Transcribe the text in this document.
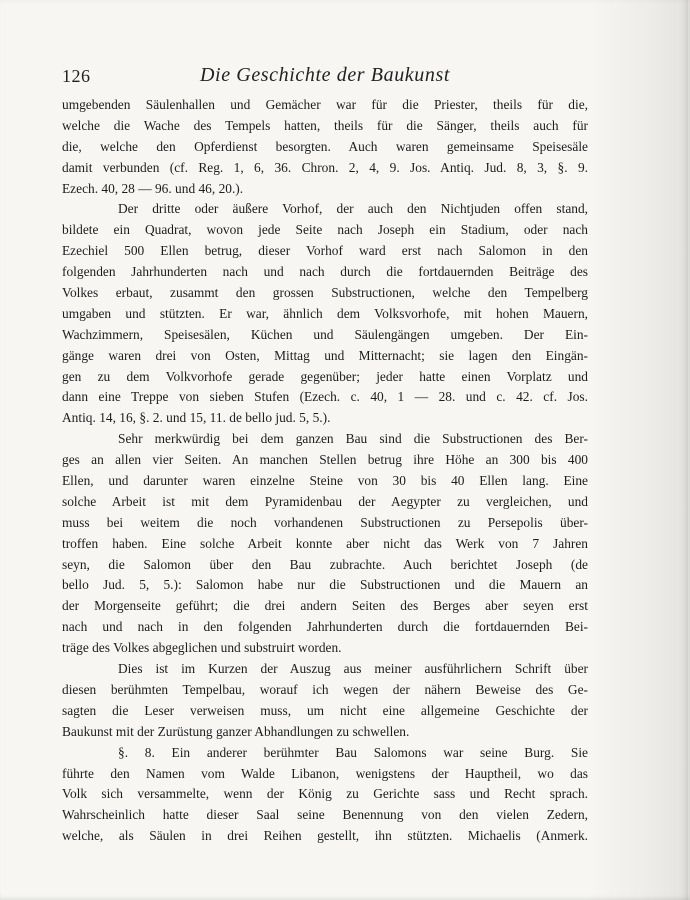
126	Die Geschichte der Baukunst
umgebenden Säulenhallen und Gemächer war für die Priester, theils für die,
welche die Wache des Tempels hatten, theils für die Sänger, theils auch für
die, welche den Opferdienst besorgten. Auch waren gemeinsame Speisesäle
damit verbunden (cf. Reg. 1, 6, 36. Chron. 2, 4, 9. Jos. Antiq. Jud. 8, 3, §. 9.
Ezech. 40, 28 — 96. und 46, 20.).
Der dritte oder äußere Vorhof, der auch den Nichtjuden offen stand,
bildete ein Quadrat, wovon jede Seite nach Joseph ein Stadium, oder nach
Ezechiel 500 Ellen betrug, dieser Vorhof ward erst nach Salomon in den
folgenden Jahrhunderten nach und nach durch die fortdauernden Beiträge des
Volkes erbaut, zusammt den grossen Substructionen, welche den Tempelberg
umgaben und stützten. Er war, ähnlich dem Volksvorhofe, mit hohen Mauern,
Wachzimmern, Speisesälen, Küchen und Säulengängen umgeben. Der Ein-
gänge waren drei von Osten, Mittag und Mitternacht; sie lagen den Eingän-
gen zu dem Volkvorhofe gerade gegenüber; jeder hatte einen Vorplatz und
dann eine Treppe von sieben Stufen (Ezech. c. 40, 1 — 28. und c. 42. cf. Jos.
Antiq. 14, 16, §. 2. und 15, 11. de bello jud. 5, 5.).
Sehr merkwürdig bei dem ganzen Bau sind die Substructionen des Ber-
ges an allen vier Seiten. An manchen Stellen betrug ihre Höhe an 300 bis 400
Ellen, und darunter waren einzelne Steine von 30 bis 40 Ellen lang. Eine
solche Arbeit ist mit dem Pyramidenbau der Aegypter zu vergleichen, und
muss bei weitem die noch vorhandenen Substructionen zu Persepolis über-
troffen haben. Eine solche Arbeit konnte aber nicht das Werk von 7 Jahren
seyn, die Salomon über den Bau zubrachte. Auch berichtet Joseph (de
bello Jud. 5, 5.): Salomon habe nur die Substructionen und die Mauern an
der Morgenseite geführt; die drei andern Seiten des Berges aber seyen erst
nach und nach in den folgenden Jahrhunderten durch die fortdauernden Bei-
träge des Volkes abgeglichen und substruirt worden.
Dies ist im Kurzen der Auszug aus meiner ausführlichern Schrift über
diesen berühmten Tempelbau, worauf ich wegen der nähern Beweise des Ge-
sagten die Leser verweisen muss, um nicht eine allgemeine Geschichte der
Baukunst mit der Zurüstung ganzer Abhandlungen zu schwellen.
§. 8. Ein anderer berühmter Bau Salomons war seine Burg. Sie
führte den Namen vom Walde Libanon, wenigstens der Hauptheil, wo das
Volk sich versammelte, wenn der König zu Gerichte sass und Recht sprach.
Wahrscheinlich hatte dieser Saal seine Benennung von den vielen Zedern,
welche, als Säulen in drei Reihen gestellt, ihn stützten. Michaelis (Anmerk.
